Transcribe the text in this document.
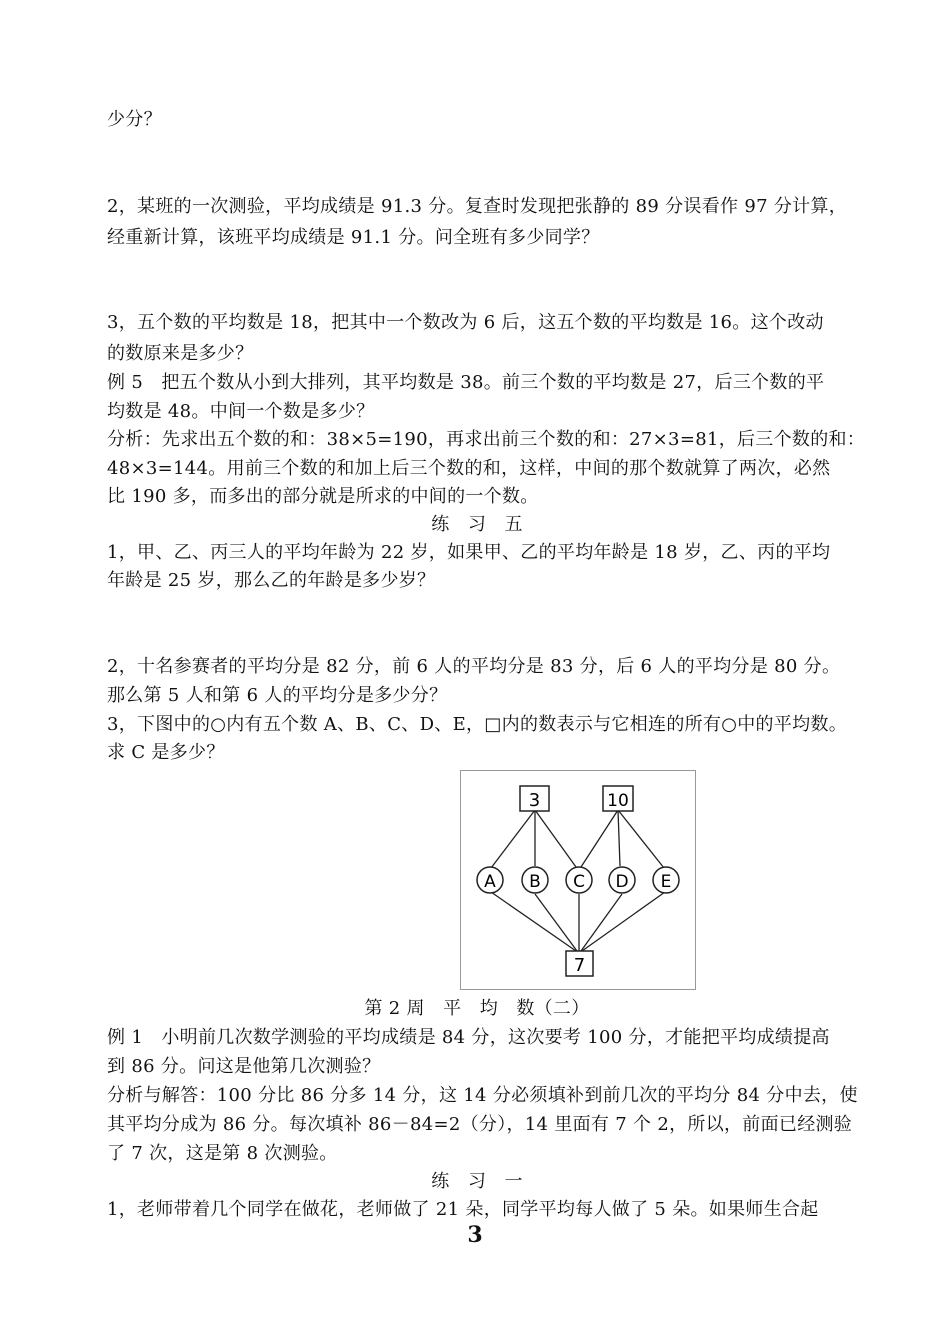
少分？
2，某班的一次测验，平均成绩是 91.3 分。复查时发现把张静的 89 分误看作 97 分计算，
经重新计算，该班平均成绩是 91.1 分。问全班有多少同学？
3，五个数的平均数是 18，把其中一个数改为 6 后，这五个数的平均数是 16。这个改动
的数原来是多少？
例 5　把五个数从小到大排列，其平均数是 38。前三个数的平均数是 27，后三个数的平
均数是 48。中间一个数是多少？
分析：先求出五个数的和：38×5=190，再求出前三个数的和：27×3=81，后三个数的和：
48×3=144。用前三个数的和加上后三个数的和，这样，中间的那个数就算了两次，必然
比 190 多，而多出的部分就是所求的中间的一个数。
练　习　五
1，甲、乙、丙三人的平均年龄为 22 岁，如果甲、乙的平均年龄是 18 岁，乙、丙的平均
年龄是 25 岁，那么乙的年龄是多少岁？
2，十名参赛者的平均分是 82 分，前 6 人的平均分是 83 分，后 6 人的平均分是 80 分。
那么第 5 人和第 6 人的平均分是多少分？
3，下图中的○内有五个数 A、B、C、D、E，□内的数表示与它相连的所有○中的平均数。
求 C 是多少？
3	10
A B C D E
7
第 2 周　平　均　数（二）
例 1　小明前几次数学测验的平均成绩是 84 分，这次要考 100 分，才能把平均成绩提高
到 86 分。问这是他第几次测验？
分析与解答：100 分比 86 分多 14 分，这 14 分必须填补到前几次的平均分 84 分中去，使
其平均分成为 86 分。每次填补 86－84=2（分），14 里面有 7 个 2，所以，前面已经测验
了 7 次，这是第 8 次测验。
练　习　一
1，老师带着几个同学在做花，老师做了 21 朵，同学平均每人做了 5 朵。如果师生合起
3
